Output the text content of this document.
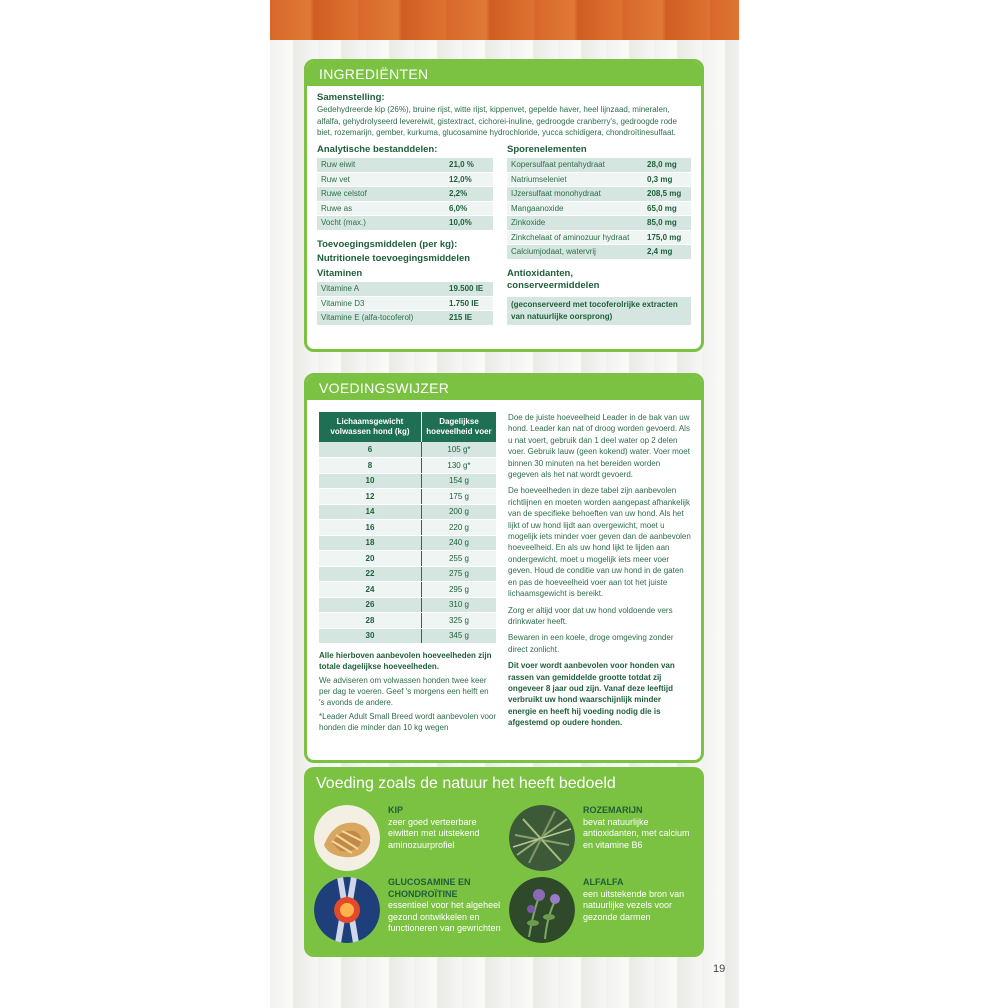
INGREDIËNTEN
Samenstelling:
Gedehydreerde kip (26%), bruine rijst, witte rijst, kippenvet, gepelde haver, heel lijnzaad, mineralen, alfalfa, gehydrolyseerd levereiwit, gistextract, cichorei-inuline, gedroogde cranberry's, gedroogde rode biet, rozemarijn, gember, kurkuma, glucosamine hydrochloride, yucca schidigera, chondroïtinesulfaat.
Analytische bestanddelen:
Ruw eiwit	21,0 %
Ruw vet	12,0%
Ruwe celstof	2,2%
Ruwe as	6,0%
Vocht (max.)	10,0%
Toevoegingsmiddelen (per kg):
Nutritionele toevoegingsmiddelen
Vitaminen
Vitamine A	19.500 IE
Vitamine D3	1.750 IE
Vitamine E (alfa-tocoferol)	215 IE
Sporenelementen
Kopersulfaat pentahydraat	28,0 mg
Natriumseleniet	0,3 mg
IJzersulfaat monohydraat	208,5 mg
Mangaanoxide	65,0 mg
Zinkoxide	85,0 mg
Zinkchelaat of aminozuur hydraat	175,0 mg
Calciumjodaat, watervrij	2,4 mg
Antioxidanten,
conserveermiddelen
(geconserveerd met tocoferolrijke extracten van natuurlijke oorsprong)
VOEDINGSWIJZER
Lichaamsgewicht volwassen hond (kg)	Dagelijkse hoeveelheid voer
6	105 g*
8	130 g*
10	154 g
12	175 g
14	200 g
16	220 g
18	240 g
20	255 g
22	275 g
24	295 g
26	310 g
28	325 g
30	345 g

Alle hierboven aanbevolen hoeveelheden zijn totale dagelijkse hoeveelheden.

We adviseren om volwassen honden twee keer per dag te voeren. Geef 's morgens een helft en 's avonds de andere.

*Leader Adult Small Breed wordt aanbevolen voor honden die minder dan 10 kg wegen

Doe de juiste hoeveelheid Leader in de bak van uw hond. Leader kan nat of droog worden gevoerd. Als u nat voert, gebruik dan 1 deel water op 2 delen voer. Gebruik lauw (geen kokend) water. Voer moet binnen 30 minuten na het bereiden worden gegeven als het nat wordt gevoerd.

De hoeveelheden in deze tabel zijn aanbevolen richtlijnen en moeten worden aangepast afhankelijk van de specifieke behoeften van uw hond. Als het lijkt of uw hond lijdt aan overgewicht, moet u mogelijk iets minder voer geven dan de aanbevolen hoeveelheid. En als uw hond lijkt te lijden aan ondergewicht, moet u mogelijk iets meer voer geven. Houd de conditie van uw hond in de gaten en pas de hoeveelheid voer aan tot het juiste lichaamsgewicht is bereikt.

Zorg er altijd voor dat uw hond voldoende vers drinkwater heeft.

Bewaren in een koele, droge omgeving zonder direct zonlicht.

Dit voer wordt aanbevolen voor honden van rassen van gemiddelde grootte totdat zij ongeveer 8 jaar oud zijn. Vanaf deze leeftijd verbruikt uw hond waarschijnlijk minder energie en heeft hij voeding nodig die is afgestemd op oudere honden.

Voeding zoals de natuur het heeft bedoeld
KIP
zeer goed verteerbare eiwitten met uitstekend aminozuurprofiel
ROZEMARIJN
bevat natuurlijke antioxidanten, met calcium en vitamine B6
GLUCOSAMINE EN CHONDROÏTINE
essentieel voor het algeheel gezond ontwikkelen en functioneren van gewrichten
ALFALFA
een uitstekende bron van natuurlijke vezels voor gezonde darmen
19
